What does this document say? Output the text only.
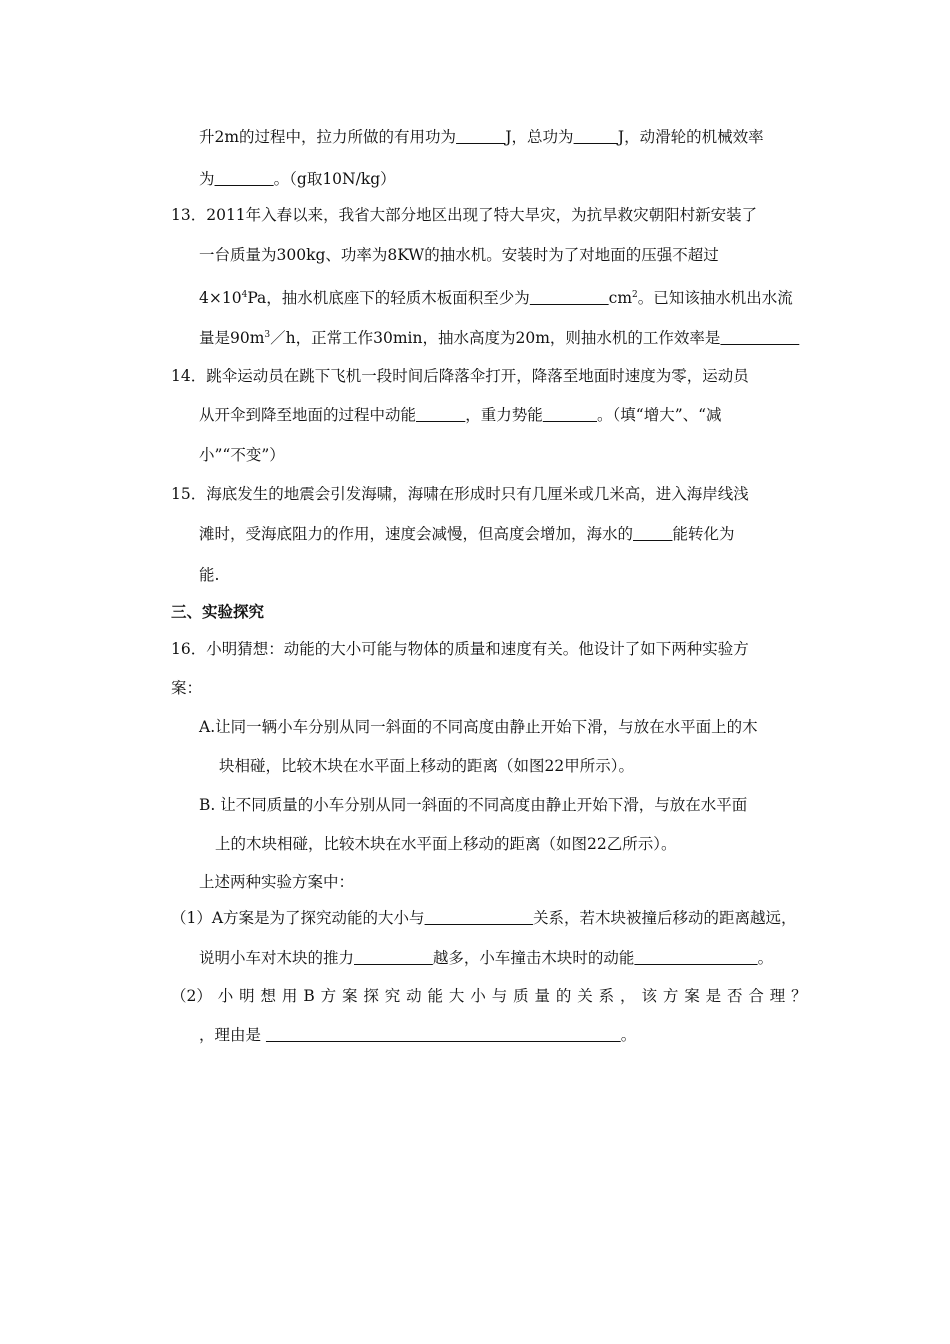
升2m的过程中，拉力所做的有用功为	J，总功为	J，动滑轮的机械效率
为	。（g取10N/kg）
13．2011年入春以来，我省大部分地区出现了特大旱灾，为抗旱救灾朝阳村新安装了
一台质量为300kg、功率为8KW的抽水机。安装时为了对地面的压强不超过
$4\times 10^4Pa$，抽水机底座下的轻质木板面积至少为	$cm^2$。已知该抽水机出水流
量是$90m^3/h$，正常工作30min，抽水高度为20m，则抽水机的工作效率是
14．跳伞运动员在跳下飞机一段时间后降落伞打开，降落至地面时速度为零，运动员
从开伞到降至地面的过程中动能	，重力势能	。（填“增大”、“减
小”“不变”）
15．海底发生的地震会引发海啸，海啸在形成时只有几厘米或几米高，进入海岸线浅
滩时，受海底阻力的作用，速度会减慢，但高度会增加，海水的	能转化为
能.
三、实验探究
16．小明猜想：动能的大小可能与物体的质量和速度有关。他设计了如下两种实验方
案：
A.让同一辆小车分别从同一斜面的不同高度由静止开始下滑，与放在水平面上的木
块相碰，比较木块在水平面上移动的距离（如图22甲所示）。
B. 让不同质量的小车分别从同一斜面的不同高度由静止开始下滑，与放在水平面
上的木块相碰，比较木块在水平面上移动的距离（如图22乙所示）。
上述两种实验方案中：
（1）A方案是为了探究动能的大小与	关系，若木块被撞后移动的距离越远，
说明小车对木块的推力	越多，小车撞击木块时的动能	。
（2） 小 明 想 用 B 方 案 探 究 动 能 大 小 与 质 量 的 关 系 ， 该 方 案 是 否 合 理 ？
，理由是	。
